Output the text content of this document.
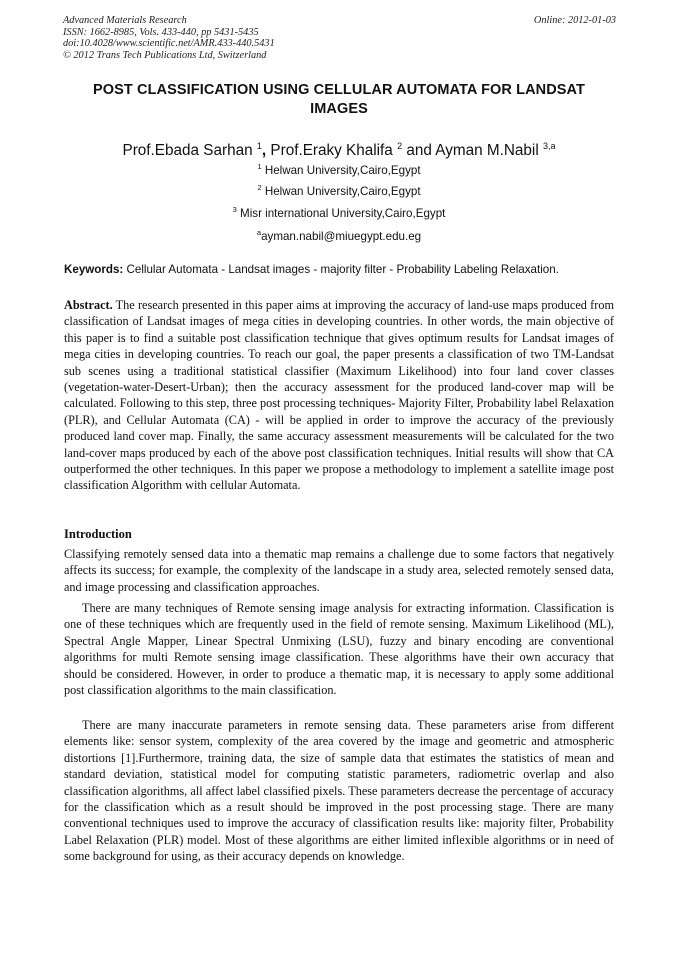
Advanced Materials Research
ISSN: 1662-8985, Vols. 433-440, pp 5431-5435
doi:10.4028/www.scientific.net/AMR.433-440.5431
© 2012 Trans Tech Publications Ltd, Switzerland
Online: 2012-01-03
POST CLASSIFICATION USING CELLULAR AUTOMATA FOR LANDSAT
IMAGES
Prof.Ebada Sarhan $^1$, Prof.Eraky Khalifa $^2$ and Ayman M.Nabil $^{3,a}$
$^1$ Helwan University,Cairo,Egypt
$^2$ Helwan University,Cairo,Egypt
$^3$ Misr international University,Cairo,Egypt
$^a$ayman.nabil@miuegypt.edu.eg
Keywords: Cellular Automata - Landsat images - majority filter - Probability Labeling Relaxation.
Abstract. The research presented in this paper aims at improving the accuracy of land-use maps produced from classification of Landsat images of mega cities in developing countries. In other words, the main objective of this paper is to find a suitable post classification technique that gives optimum results for Landsat images of mega cities in developing countries. To reach our goal, the paper presents a classification of two TM-Landsat sub scenes using a traditional statistical classifier (Maximum Likelihood) into four land cover classes (vegetation-water-Desert-Urban); then the accuracy assessment for the produced land-cover map will be calculated. Following to this step, three post processing techniques- Majority Filter, Probability label Relaxation (PLR), and Cellular Automata (CA) - will be applied in order to improve the accuracy of the previously produced land cover map. Finally, the same accuracy assessment measurements will be calculated for the two land-cover maps produced by each of the above post classification techniques. Initial results will show that CA outperformed the other techniques. In this paper we propose a methodology to implement a satellite image post classification Algorithm with cellular Automata.
Introduction
Classifying remotely sensed data into a thematic map remains a challenge due to some factors that negatively affects its success; for example, the complexity of the landscape in a study area, selected remotely sensed data, and image processing and classification approaches.
There are many techniques of Remote sensing image analysis for extracting information. Classification is one of these techniques which are frequently used in the field of remote sensing. Maximum Likelihood (ML), Spectral Angle Mapper, Linear Spectral Unmixing (LSU), fuzzy and binary encoding are conventional algorithms for multi Remote sensing image classification. These algorithms have their own accuracy that should be considered. However, in order to produce a thematic map, it is necessary to apply some additional post classification algorithms to the main classification.
There are many inaccurate parameters in remote sensing data. These parameters arise from different elements like: sensor system, complexity of the area covered by the image and geometric and atmospheric distortions [1].Furthermore, training data, the size of sample data that estimates the statistics of mean and standard deviation, statistical model for computing statistic parameters, radiometric overlap and also classification algorithms, all affect label classified pixels. These parameters decrease the percentage of accuracy for the classification which as a result should be improved in the post processing stage. There are many conventional techniques used to improve the accuracy of classification results like: majority filter, Probability Label Relaxation (PLR) model. Most of these algorithms are either limited inflexible algorithms or in need of some background for using, as their accuracy depends on knowledge.
